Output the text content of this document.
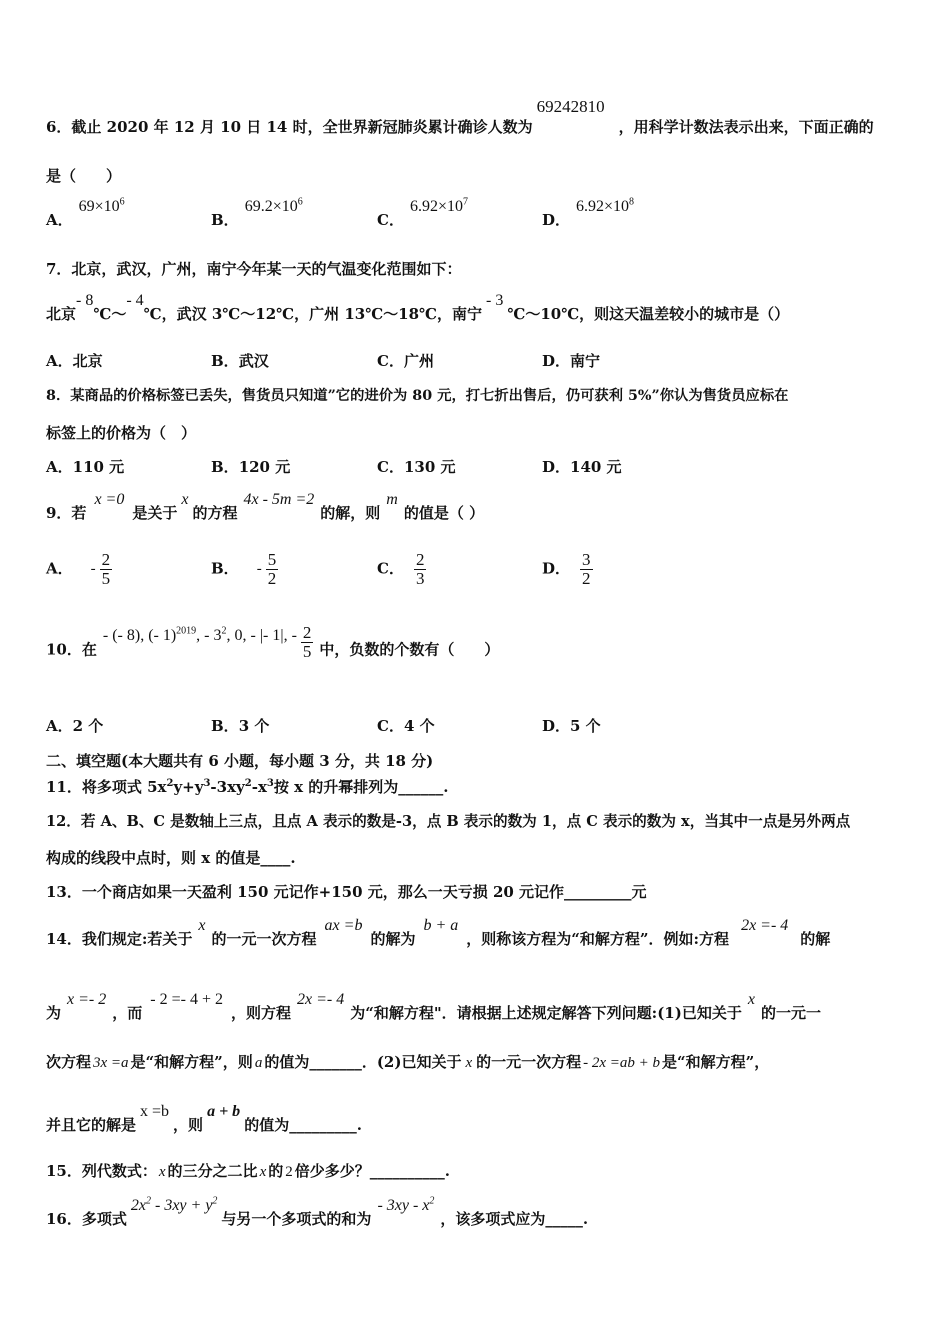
6．截止 2020 年 12 月 10 日 14 时，全世界新冠肺炎累计确诊人数为69242810，用科学计数法表示出来，下面正确的
是（　　）
A．$69\times 10^6$
B．$69.2\times 10^6$
C．$6.92\times 10^7$
D．$6.92\times 10^8$
7．北京，武汉，广州，南宁今年某一天的气温变化范围如下：
北京- 8℃～- 4℃，武汉 3℃～12℃，广州 13℃～18℃，南宁- 3℃～10℃，则这天温差较小的城市是（）
A．北京	B．武汉	C．广州	D．南宁
8．某商品的价格标签已丢失，售货员只知道”它的进价为 80 元，打七折出售后，仍可获利 5%”你认为售货员应标在
标签上的价格为（　）
A．110 元	B．120 元	C．130 元	D．140 元
9．若x =0是关于x的方程4x - 5m =2的解，则m的值是（ ）
A． - $\frac{2}{5}$	B． - $\frac{5}{2}$	C． $\frac{2}{3}$	D． $\frac{3}{2}$
10．在- (- 8), (- 1)$^{2019}$, - $3^2$, 0, - |- 1|, - $\frac{2}{5}$ 中，负数的个数有（　　）
A．2 个	B．3 个	C．4 个	D．5 个
二、填空题(本大题共有 6 小题，每小题 3 分，共 18 分)
11．将多项式 $5x^2y+y^3-3xy^2-x^3$按 x 的升幂排列为______.
12．若 A、B、C 是数轴上三点，且点 A 表示的数是-3，点 B 表示的数为 1，点 C 表示的数为 x，当其中一点是另外两点
构成的线段中点时，则 x 的值是____.
13．一个商店如果一天盈利 150 元记作+150 元，那么一天亏损 20 元记作_________元
14．我们规定:若关于x的一元一次方程ax =b的解为b + a，则称该方程为“和解方程”．例如:方程2x =- 4的解
为x =- 2，而- 2 =- 4 + 2，则方程2x =- 4为“和解方程"．请根据上述规定解答下列问题:(1)已知关于x的一元一
次方程 3x =a 是“和解方程”，则 a 的值为_______．(2)已知关于 x 的一元一次方程 - 2x =ab + b 是“和解方程”，
并且它的解是x =b，则a + b的值为_________.
15．列代数式： x 的三分之二比 x 的 2 倍少多少？__________.
16．多项式$2x^2 - 3xy + y^2$与另一个多项式的和为- $3xy - x^2$，该多项式应为_____.
